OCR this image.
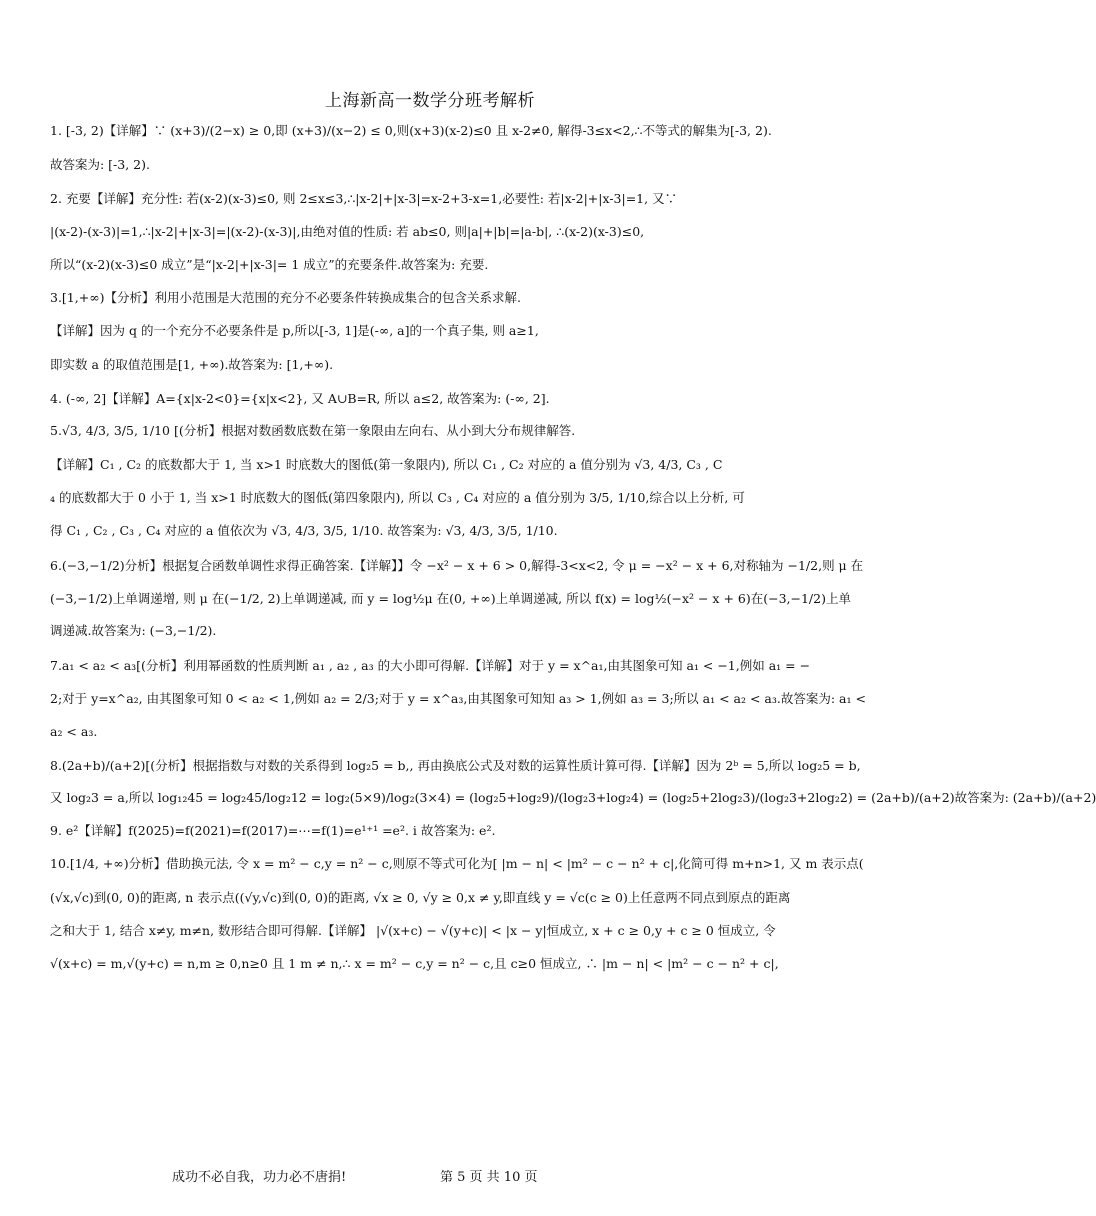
上海新高一数学分班考解析
1. [-3, 2)【详解】∵ (x+3)/(2−x) ≥ 0,即 (x+3)/(x−2) ≤ 0,则(x+3)(x-2)≤0 且 x-2≠0, 解得-3≤x<2,∴不等式的解集为[-3, 2).
故答案为: [-3, 2).
2. 充要【详解】充分性: 若(x-2)(x-3)≤0, 则 2≤x≤3,∴|x-2|+|x-3|=x-2+3-x=1,必要性: 若|x-2|+|x-3|=1, 又∵
|(x-2)-(x-3)|=1,∴|x-2|+|x-3|=|(x-2)-(x-3)|,由绝对值的性质: 若 ab≤0, 则|a|+|b|=|a-b|, ∴(x-2)(x-3)≤0,
所以“(x-2)(x-3)≤0 成立”是“|x-2|+|x-3|= 1 成立”的充要条件.故答案为: 充要.
3.[1,+∞)【分析】利用小范围是大范围的充分不必要条件转换成集合的包含关系求解.
【详解】因为 q 的一个充分不必要条件是 p,所以[-3, 1]是(-∞, a]的一个真子集, 则 a≥1,
即实数 a 的取值范围是[1, +∞).故答案为: [1,+∞).
4. (-∞, 2]【详解】A={x|x-2<0}={x|x<2}, 又 A∪B=R, 所以 a≤2, 故答案为: (-∞, 2].
5.√3, 4/3, 3/5, 1/10 [(分析】根据对数函数底数在第一象限由左向右、从小到大分布规律解答.
【详解】C₁ , C₂ 的底数都大于 1, 当 x>1 时底数大的图低(第一象限内), 所以 C₁ , C₂ 对应的 a 值分别为 √3, 4/3, C₃ , C
₄ 的底数都大于 0 小于 1, 当 x>1 时底数大的图低(第四象限内), 所以 C₃ , C₄ 对应的 a 值分别为 3/5, 1/10,综合以上分析, 可
得 C₁ , C₂ , C₃ , C₄ 对应的 a 值依次为 √3, 4/3, 3/5, 1/10. 故答案为: √3, 4/3, 3/5, 1/10.
6.(−3,−1/2)分析】根据复合函数单调性求得正确答案.【详解】】令 −x² − x + 6 > 0,解得-3<x<2, 令 μ = −x² − x + 6,对称轴为 −1/2,则 μ 在
(−3,−1/2)上单调递增, 则 μ 在(−1/2, 2)上单调递减, 而 y = log½μ 在(0, +∞)上单调递减, 所以 f(x) = log½(−x² − x + 6)在(−3,−1/2)上单
调递减.故答案为: (−3,−1/2).
7.a₁ < a₂ < a₃[(分析】利用幂函数的性质判断 a₁ , a₂ , a₃ 的大小即可得解.【详解】对于 y = x^a₁,由其图象可知 a₁ < −1,例如 a₁ = −
2;对于 y=x^a₂, 由其图象可知 0 < a₂ < 1,例如 a₂ = 2/3;对于 y = x^a₃,由其图象可知知 a₃ > 1,例如 a₃ = 3;所以 a₁ < a₂ < a₃.故答案为: a₁ <
a₂ < a₃.
8.(2a+b)/(a+2)[(分析】根据指数与对数的关系得到 log₂5 = b,, 再由换底公式及对数的运算性质计算可得.【详解】因为 2ᵇ = 5,所以 log₂5 = b,
又 log₂3 = a,所以 log₁₂45 = log₂45/log₂12 = log₂(5×9)/log₂(3×4) = (log₂5+log₂9)/(log₂3+log₂4) = (log₂5+2log₂3)/(log₂3+2log₂2) = (2a+b)/(a+2)故答案为: (2a+b)/(a+2)
9. e²【详解】f(2025)=f(2021)=f(2017)=⋯=f(1)=e¹⁺¹ =e². i 故答案为: e².
10.[1/4, +∞)分析】借助换元法, 令 x = m² − c,y = n² − c,则原不等式可化为[ |m − n| < |m² − c − n² + c|,化简可得 m+n>1, 又 m 表示点(
(√x,√c)到(0, 0)的距离, n 表示点((√y,√c)到(0, 0)的距离, √x ≥ 0, √y ≥ 0,x ≠ y,即直线 y = √c(c ≥ 0)上任意两不同点到原点的距离
之和大于 1, 结合 x≠y, m≠n, 数形结合即可得解.【详解】 |√(x+c) − √(y+c)| < |x − y|恒成立, x + c ≥ 0,y + c ≥ 0 恒成立, 令
√(x+c) = m,√(y+c) = n,m ≥ 0,n≥0 且 1 m ≠ n,∴ x = m² − c,y = n² − c,且 c≥0 恒成立, ∴ |m − n| < |m² − c − n² + c|,
成功不必自我，功力必不唐捐!	第 5 页 共 10 页
